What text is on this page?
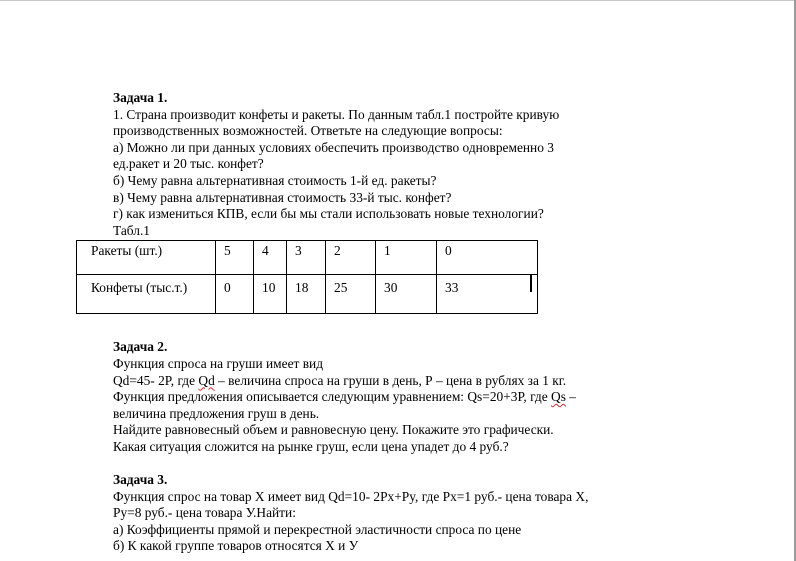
Задача 1.

1. Страна производит конфеты и ракеты. По данным табл.1 постройте кривую

производственных возможностей. Ответьте на следующие вопросы:

а) Можно ли при данных условиях обеспечить производство одновременно 3

ед.ракет и 20 тыс. конфет?

б) Чему равна альтернативная стоимость 1-й ед. ракеты?

в) Чему равна альтернативная стоимость 33-й тыс. конфет?

г) как измениться КПВ, если бы мы стали использовать новые технологии?

Табл.1

Задача 2.

Функция спроса на груши имеет вид

Qd=45- 2P, где Qd – величина спроса на груши в день, Р – цена в рублях за 1 кг.

Функция предложения описывается следующим уравнением: Qs=20+3P, где Qs –

величина предложения груш в день.

Найдите равновесный объем и равновесную цену. Покажите это графически.

Какая ситуация сложится на рынке груш, если цена упадет до 4 руб.?

Задача 3.

Функция спрос на товар Х имеет вид Qd=10- 2Px+Py, где Px=1 руб.- цена товара Х,

Py=8 руб.- цена товара У.Найти:

а) Коэффициенты прямой и перекрестной эластичности спроса по цене

б) К какой группе товаров относятся Х и У

Ракеты (шт.)	5	4	3	2	1	0
Конфеты (тыс.т.)	0	10	18	25	30	33
